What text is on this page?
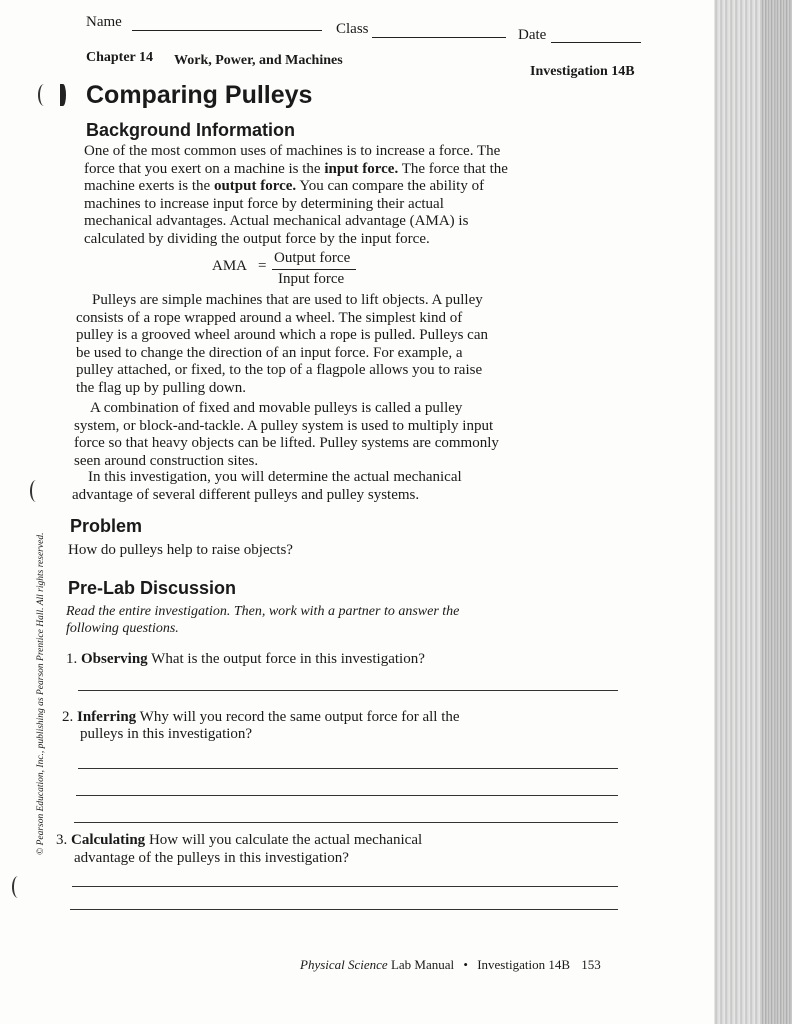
Name	Class	Date
Chapter 14 Work, Power, and Machines
Investigation 14B
Comparing Pulleys
Background Information
One of the most common uses of machines is to increase a force. The
force that you exert on a machine is the input force. The force that the
machine exerts is the output force. You can compare the ability of
machines to increase input force by determining their actual
mechanical advantages. Actual mechanical advantage (AMA) is
calculated by dividing the output force by the input force.
AMA = Output force
Input force
Pulleys are simple machines that are used to lift objects. A pulley
consists of a rope wrapped around a wheel. The simplest kind of
pulley is a grooved wheel around which a rope is pulled. Pulleys can
be used to change the direction of an input force. For example, a
pulley attached, or fixed, to the top of a flagpole allows you to raise
the flag up by pulling down.
A combination of fixed and movable pulleys is called a pulley
system, or block-and-tackle. A pulley system is used to multiply input
force so that heavy objects can be lifted. Pulley systems are commonly
seen around construction sites.
In this investigation, you will determine the actual mechanical
advantage of several different pulleys and pulley systems.
Problem
How do pulleys help to raise objects?
Pre-Lab Discussion
Read the entire investigation. Then, work with a partner to answer the
following questions.
1. Observing What is the output force in this investigation?
2. Inferring Why will you record the same output force for all the
pulleys in this investigation?
3. Calculating How will you calculate the actual mechanical
advantage of the pulleys in this investigation?
Physical Science Lab Manual • Investigation 14B 153
© Pearson Education, Inc., publishing as Pearson Prentice Hall. All rights reserved.
